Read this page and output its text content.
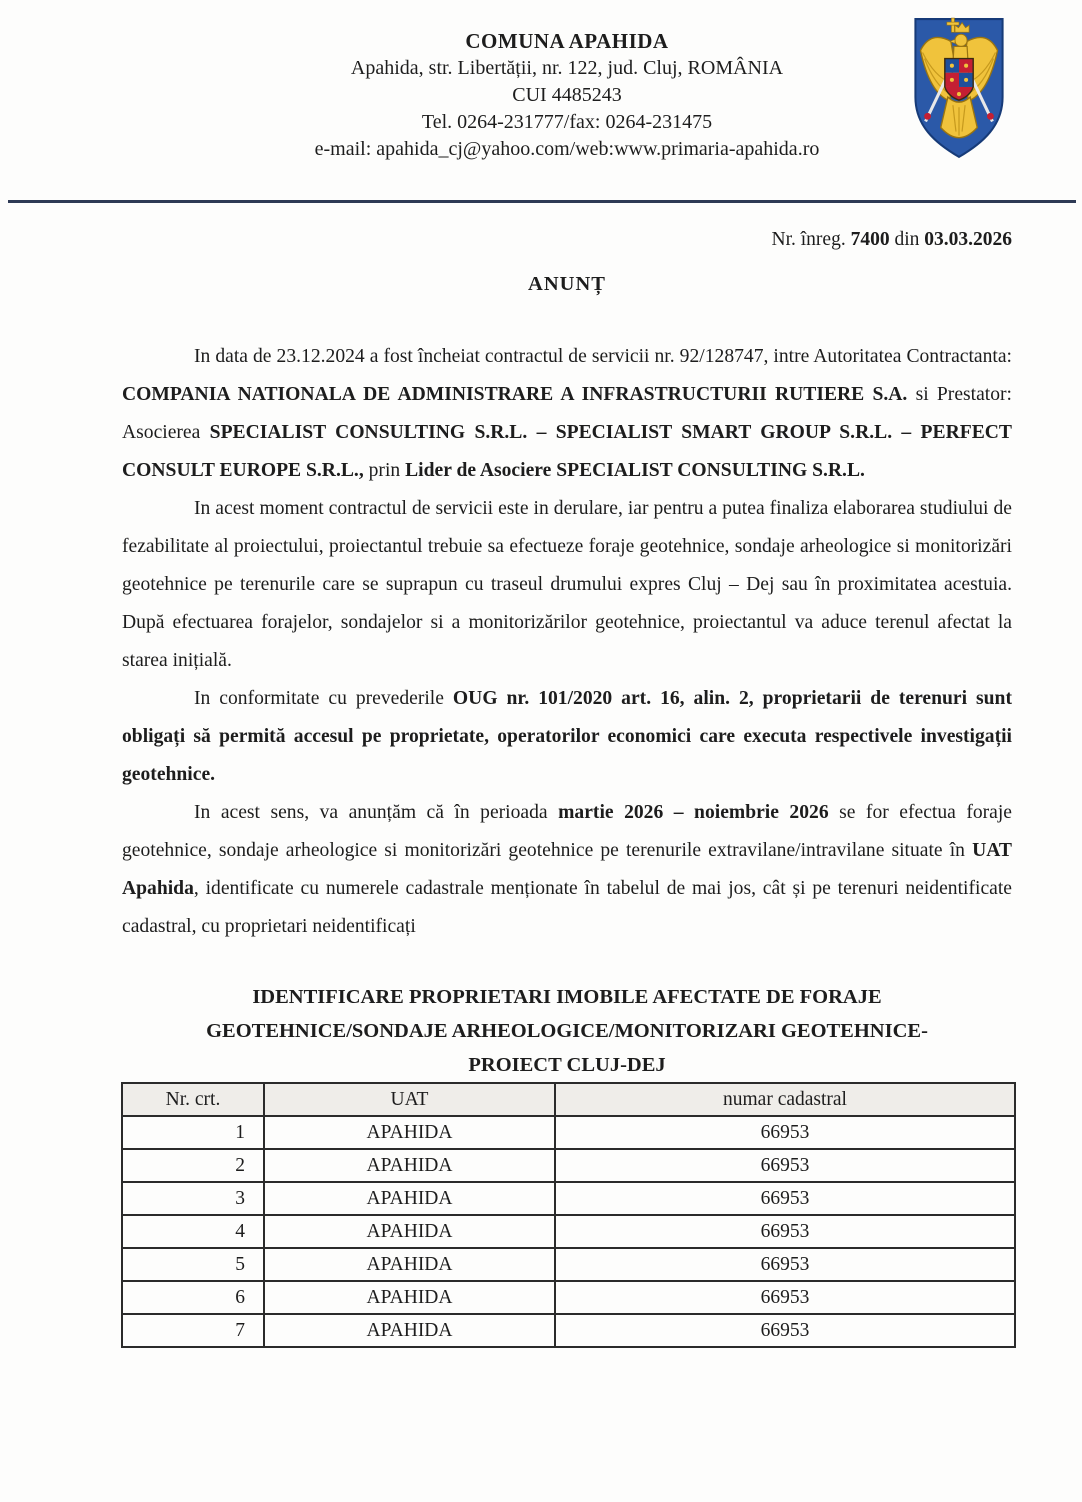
COMUNA APAHIDA
Apahida, str. Libertății, nr. 122, jud. Cluj, ROMÂNIA
CUI 4485243
Tel. 0264-231777/fax: 0264-231475
e-mail: apahida_cj@yahoo.com/web:www.primaria-apahida.ro
Nr. înreg. 7400 din 03.03.2026
ANUNȚ

In data de 23.12.2024 a fost încheiat contractul de servicii nr. 92/128747, intre Autoritatea Contractanta: COMPANIA NATIONALA DE ADMINISTRARE A INFRASTRUCTURII RUTIERE S.A. si Prestator: Asocierea SPECIALIST CONSULTING S.R.L. – SPECIALIST SMART GROUP S.R.L. – PERFECT CONSULT EUROPE S.R.L., prin Lider de Asociere SPECIALIST CONSULTING S.R.L.

In acest moment contractul de servicii este in derulare, iar pentru a putea finaliza elaborarea studiului de fezabilitate al proiectului, proiectantul trebuie sa efectueze foraje geotehnice, sondaje arheologice si monitorizări geotehnice pe terenurile care se suprapun cu traseul drumului expres Cluj – Dej sau în proximitatea acestuia. După efectuarea forajelor, sondajelor si a monitorizărilor geotehnice, proiectantul va aduce terenul afectat la starea inițială.

In conformitate cu prevederile OUG nr. 101/2020 art. 16, alin. 2, proprietarii de terenuri sunt obligați să permită accesul pe proprietate, operatorilor economici care executa respectivele investigații geotehnice.

In acest sens, va anunțăm că în perioada martie 2026 – noiembrie 2026 se for efectua foraje geotehnice, sondaje arheologice si monitorizări geotehnice pe terenurile extravilane/intravilane situate în UAT Apahida, identificate cu numerele cadastrale menționate în tabelul de mai jos, cât și pe terenuri neidentificate cadastral, cu proprietari neidentificați

IDENTIFICARE PROPRIETARI IMOBILE AFECTATE DE FORAJE
GEOTEHNICE/SONDAJE ARHEOLOGICE/MONITORIZARI GEOTEHNICE-
PROIECT CLUJ-DEJ
Nr. crt.	UAT	numar cadastral
1	APAHIDA	66953
2	APAHIDA	66953
3	APAHIDA	66953
4	APAHIDA	66953
5	APAHIDA	66953
6	APAHIDA	66953
7	APAHIDA	66953
